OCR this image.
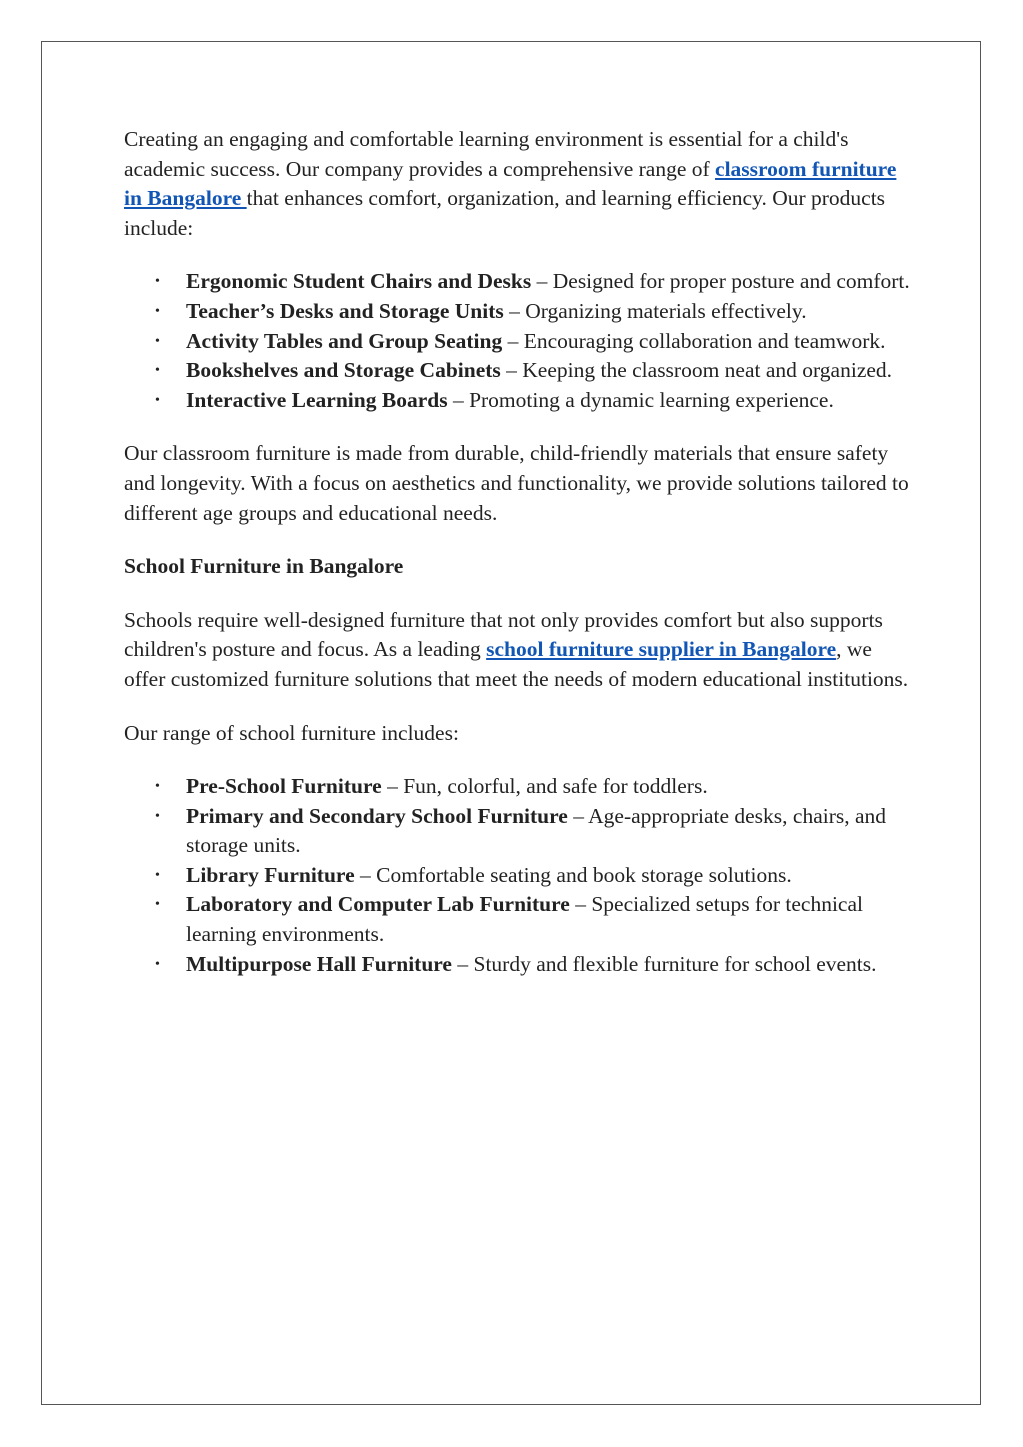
Creating an engaging and comfortable learning environment is essential for a child's academic success. Our company provides a comprehensive range of classroom furniture in Bangalore that enhances comfort, organization, and learning efficiency. Our products include:

• Ergonomic Student Chairs and Desks – Designed for proper posture and comfort.
• Teacher’s Desks and Storage Units – Organizing materials effectively.
• Activity Tables and Group Seating – Encouraging collaboration and teamwork.
• Bookshelves and Storage Cabinets – Keeping the classroom neat and organized.
• Interactive Learning Boards – Promoting a dynamic learning experience.

Our classroom furniture is made from durable, child-friendly materials that ensure safety and longevity. With a focus on aesthetics and functionality, we provide solutions tailored to different age groups and educational needs.

School Furniture in Bangalore

Schools require well-designed furniture that not only provides comfort but also supports children's posture and focus. As a leading school furniture supplier in Bangalore, we offer customized furniture solutions that meet the needs of modern educational institutions.

Our range of school furniture includes:

• Pre-School Furniture – Fun, colorful, and safe for toddlers.
• Primary and Secondary School Furniture – Age-appropriate desks, chairs, and storage units.
• Library Furniture – Comfortable seating and book storage solutions.
• Laboratory and Computer Lab Furniture – Specialized setups for technical learning environments.
• Multipurpose Hall Furniture – Sturdy and flexible furniture for school events.
